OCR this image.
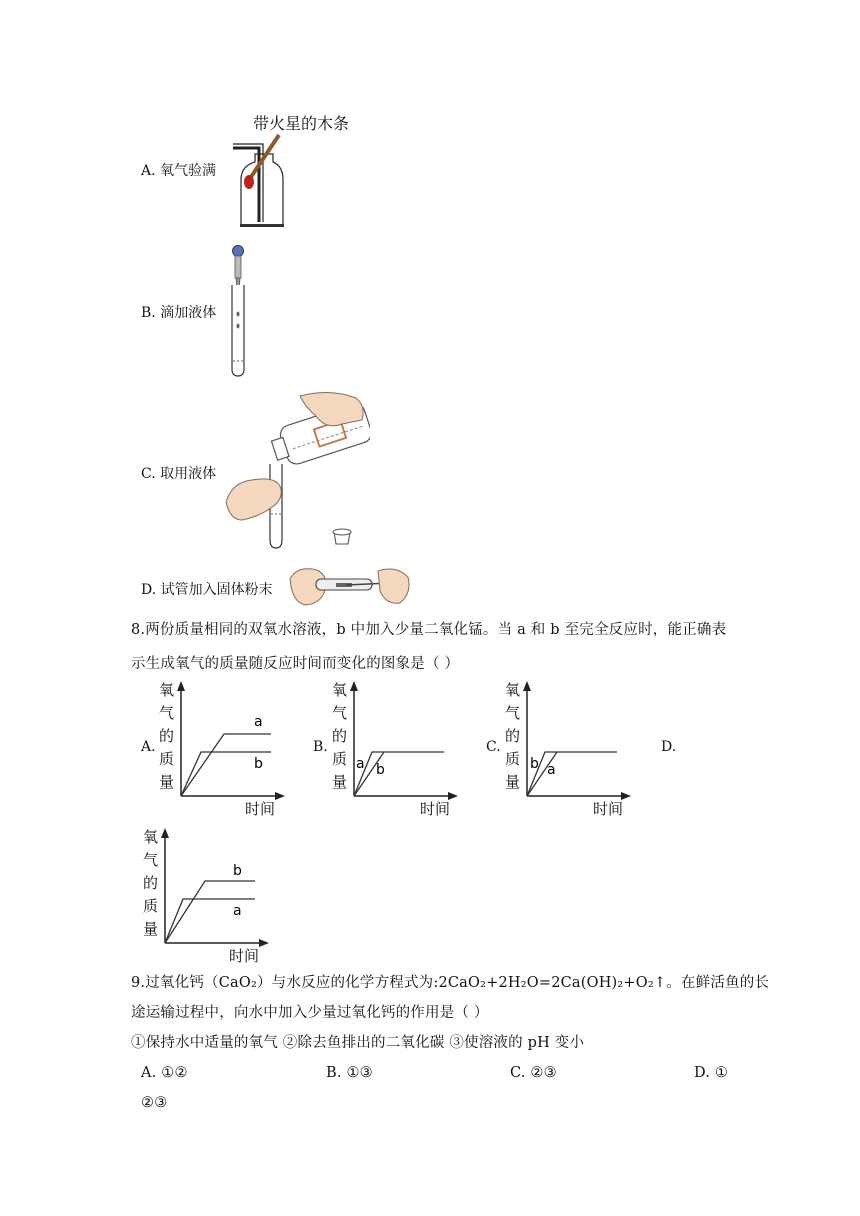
A. 氧气验满
带火星的木条
B. 滴加液体
C. 取用液体
D. 试管加入固体粉末
8.两份质量相同的双氧水溶液，b 中加入少量二氧化锰。当 a 和 b 至完全反应时，能正确表
示生成氧气的质量随反应时间而变化的图象是（ ）
A.
氧
气
的
质
量
时间
a
b
B.
氧
气
的
质
量
时间
a b
C.
氧
气
的
质
量
时间
b a
D.
氧
气
的
质
量
时间
b
a
9.过氧化钙（CaO₂）与水反应的化学方程式为:2CaO₂+2H₂O=2Ca(OH)₂+O₂↑。在鲜活鱼的长
途运输过程中，向水中加入少量过氧化钙的作用是（ ）
①保持水中适量的氧气 ②除去鱼排出的二氧化碳 ③使溶液的 pH 变小
A. ①②	B. ①③	C. ②③	D. ①
②③
